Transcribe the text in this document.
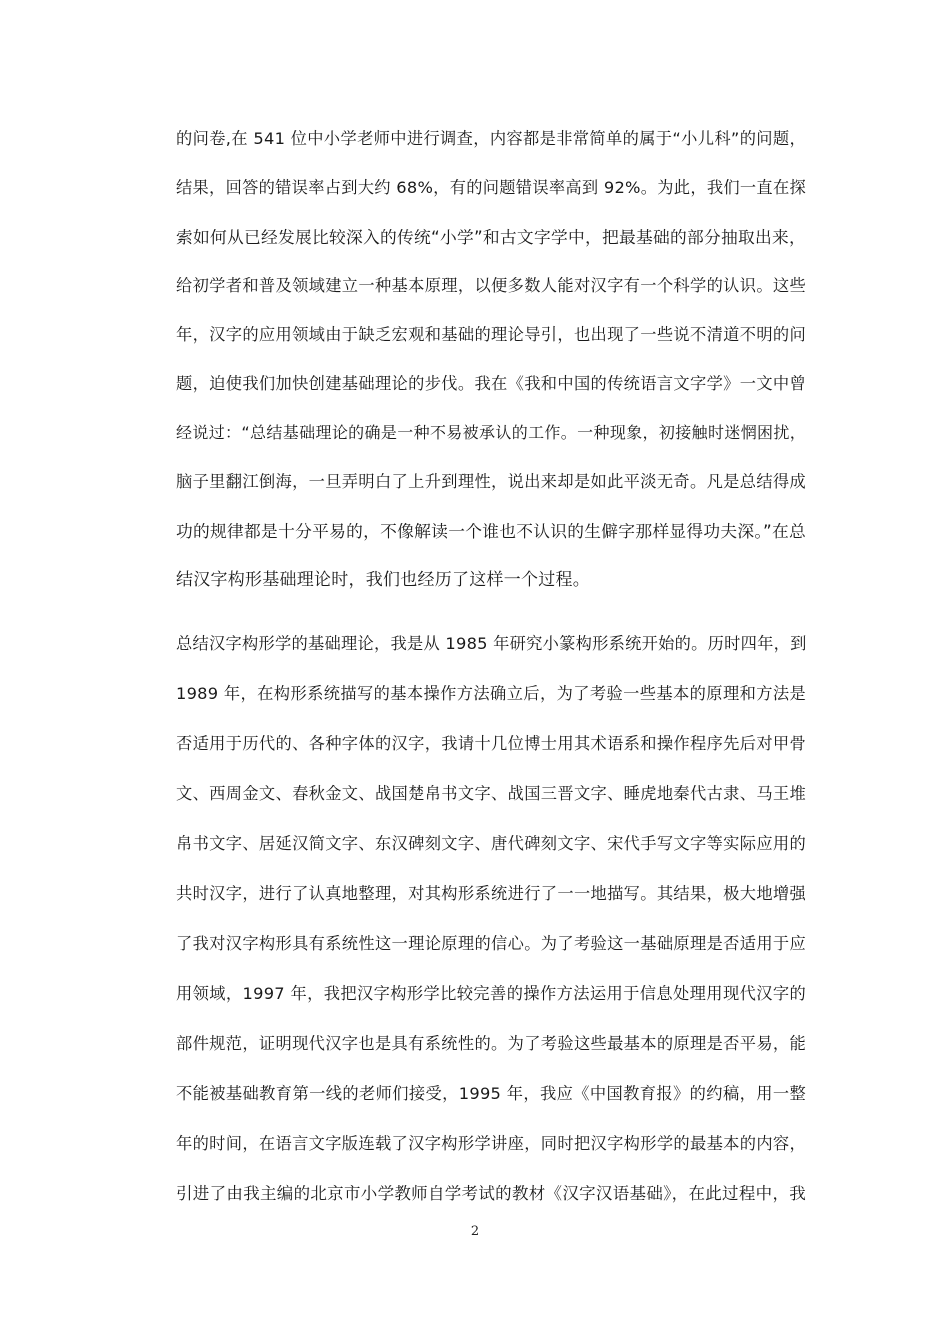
的问卷,在 541 位中小学老师中进行调查，内容都是非常简单的属于“小儿科”的问题，
结果，回答的错误率占到大约 68%，有的问题错误率高到 92%。为此，我们一直在探
索如何从已经发展比较深入的传统“小学”和古文字学中，把最基础的部分抽取出来，
给初学者和普及领域建立一种基本原理，以便多数人能对汉字有一个科学的认识。这些
年，汉字的应用领域由于缺乏宏观和基础的理论导引，也出现了一些说不清道不明的问
题，迫使我们加快创建基础理论的步伐。我在《我和中国的传统语言文字学》一文中曾
经说过：“总结基础理论的确是一种不易被承认的工作。一种现象，初接触时迷惘困扰，
脑子里翻江倒海，一旦弄明白了上升到理性，说出来却是如此平淡无奇。凡是总结得成
功的规律都是十分平易的，不像解读一个谁也不认识的生僻字那样显得功夫深。”在总
结汉字构形基础理论时，我们也经历了这样一个过程。
总结汉字构形学的基础理论，我是从 1985 年研究小篆构形系统开始的。历时四年，到
1989 年，在构形系统描写的基本操作方法确立后，为了考验一些基本的原理和方法是
否适用于历代的、各种字体的汉字，我请十几位博士用其术语系和操作程序先后对甲骨
文、西周金文、春秋金文、战国楚帛书文字、战国三晋文字、睡虎地秦代古隶、马王堆
帛书文字、居延汉简文字、东汉碑刻文字、唐代碑刻文字、宋代手写文字等实际应用的
共时汉字，进行了认真地整理，对其构形系统进行了一一地描写。其结果，极大地增强
了我对汉字构形具有系统性这一理论原理的信心。为了考验这一基础原理是否适用于应
用领域，1997 年，我把汉字构形学比较完善的操作方法运用于信息处理用现代汉字的
部件规范，证明现代汉字也是具有系统性的。为了考验这些最基本的原理是否平易，能
不能被基础教育第一线的老师们接受，1995 年，我应《中国教育报》的约稿，用一整
年的时间，在语言文字版连载了汉字构形学讲座，同时把汉字构形学的最基本的内容，
引进了由我主编的北京市小学教师自学考试的教材《汉字汉语基础》，在此过程中，我
2
